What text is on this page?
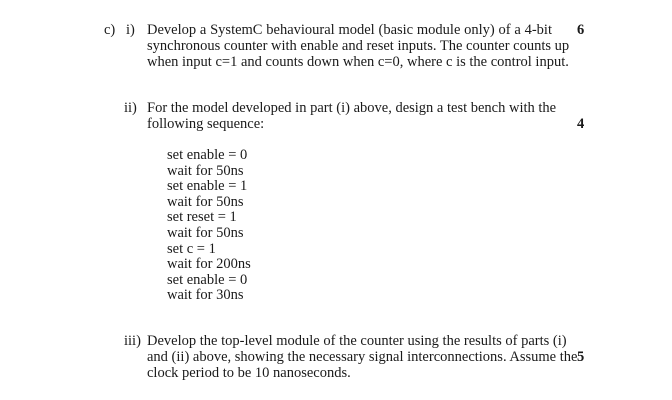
c) i) Develop a SystemC behavioural model (basic module only) of a 4-bit
synchronous counter with enable and reset inputs. The counter counts up
when input c=1 and counts down when c=0, where c is the control input.
6
ii) For the model developed in part (i) above, design a test bench with the
following sequence:	4
set enable = 0
wait for 50ns
set enable = 1
wait for 50ns
set reset = 1
wait for 50ns
set c = 1
wait for 200ns
set enable = 0
wait for 30ns
iii) Develop the top-level module of the counter using the results of parts (i)
and (ii) above, showing the necessary signal interconnections. Assume the
clock period to be 10 nanoseconds.
5
